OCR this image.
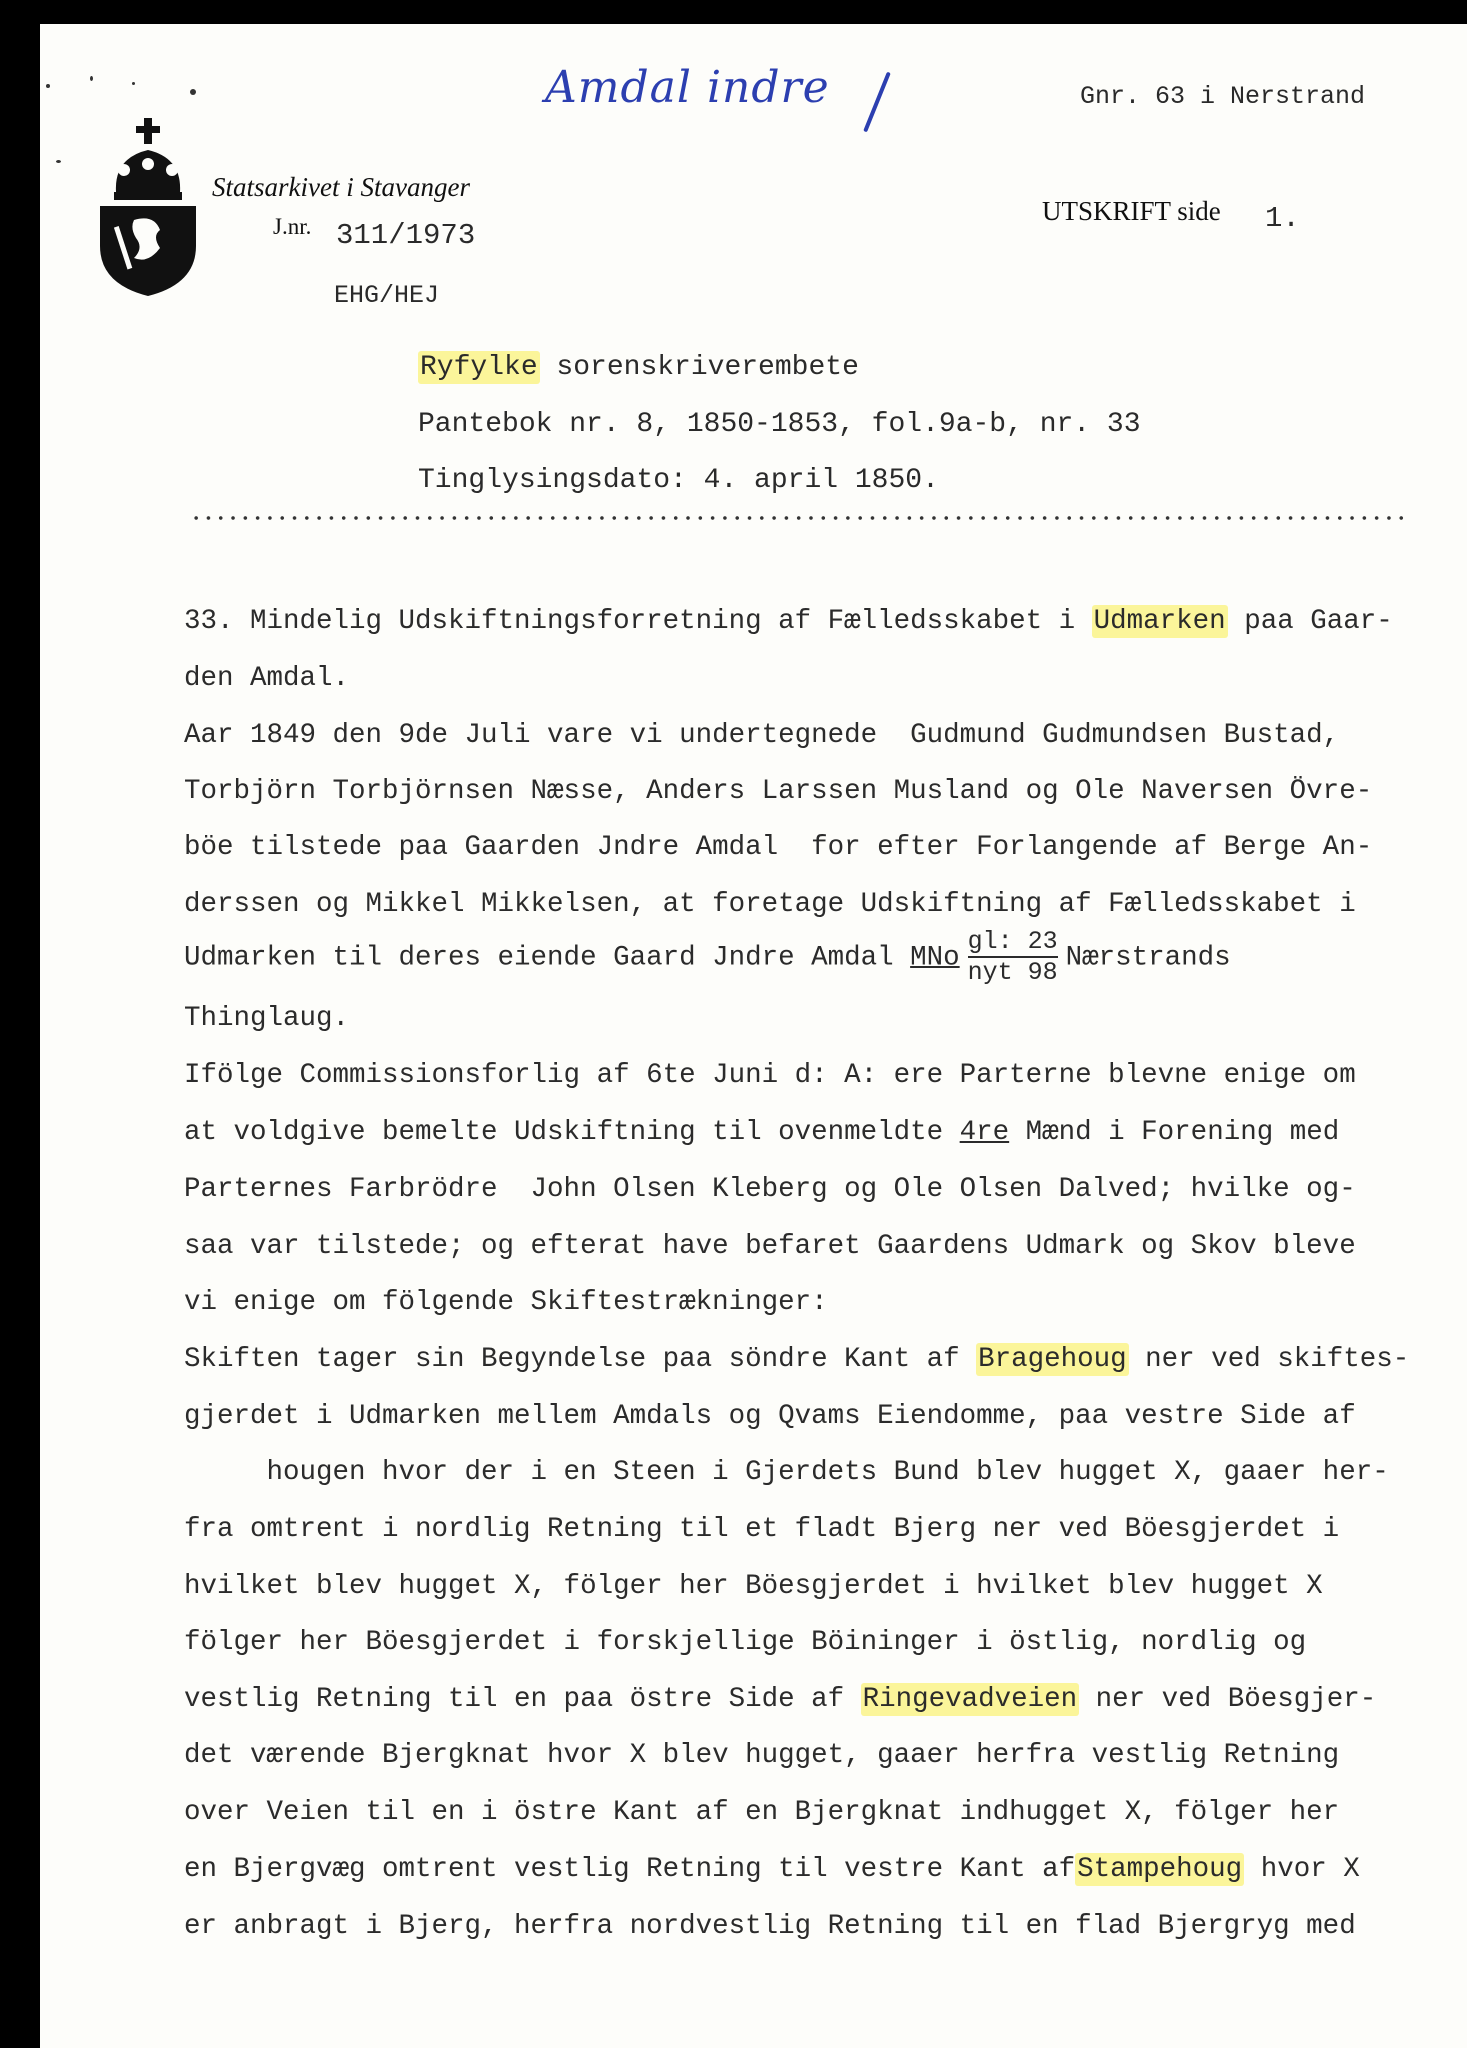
Amdal indre	Gnr. 63 i Nerstrand
Statsarkivet i Stavanger
J.nr. 311/1973
UTSKRIFT side 1.
EHG/HEJ
Ryfylke sorenskriverembete
Pantebok nr. 8, 1850-1853, fol.9a-b, nr. 33
Tinglysingsdato: 4. april 1850.
33. Mindelig Udskiftningsforretning af Fælledsskabet i Udmarken paa Gaar-
den Amdal.
Aar 1849 den 9de Juli vare vi undertegnede  Gudmund Gudmundsen Bustad,
Torbjörn Torbjörnsen Næsse, Anders Larssen Musland og Ole Naversen Övre-
böe tilstede paa Gaarden Jndre Amdal  for efter Forlangende af Berge An-
derssen og Mikkel Mikkelsen, at foretage Udskiftning af Fælledsskabet i
Udmarken til deres eiende Gaard Jndre Amdal MNo $\frac{gl: 23}{\text{nyt 98}}$ Nærstrands
Thinglaug.
Ifölge Commissionsforlig af 6te Juni d: A: ere Parterne blevne enige om
at voldgive bemelte Udskiftning til ovenmeldte 4re Mænd i Forening med
Parternes Farbrödre  John Olsen Kleberg og Ole Olsen Dalved; hvilke og-
saa var tilstede; og efterat have befaret Gaardens Udmark og Skov bleve
vi enige om fölgende Skiftestrækninger:
Skiften tager sin Begyndelse paa söndre Kant af Bragehoug ner ved skiftes-
gjerdet i Udmarken mellem Amdals og Qvams Eiendomme, paa vestre Side af
hougen hvor der i en Steen i Gjerdets Bund blev hugget X, gaaer her-
fra omtrent i nordlig Retning til et fladt Bjerg ner ved Böesgjerdet i
hvilket blev hugget X, fölger her Böesgjerdet i hvilket blev hugget X
fölger her Böesgjerdet i forskjellige Böininger i östlig, nordlig og
vestlig Retning til en paa östre Side af Ringevadveien ner ved Böesgjer-
det værende Bjergknat hvor X blev hugget, gaaer herfra vestlig Retning
over Veien til en i östre Kant af en Bjergknat indhugget X, fölger her
en Bjergvæg omtrent vestlig Retning til vestre Kant afStampehoug hvor X
er anbragt i Bjerg, herfra nordvestlig Retning til en flad Bjergryg med
